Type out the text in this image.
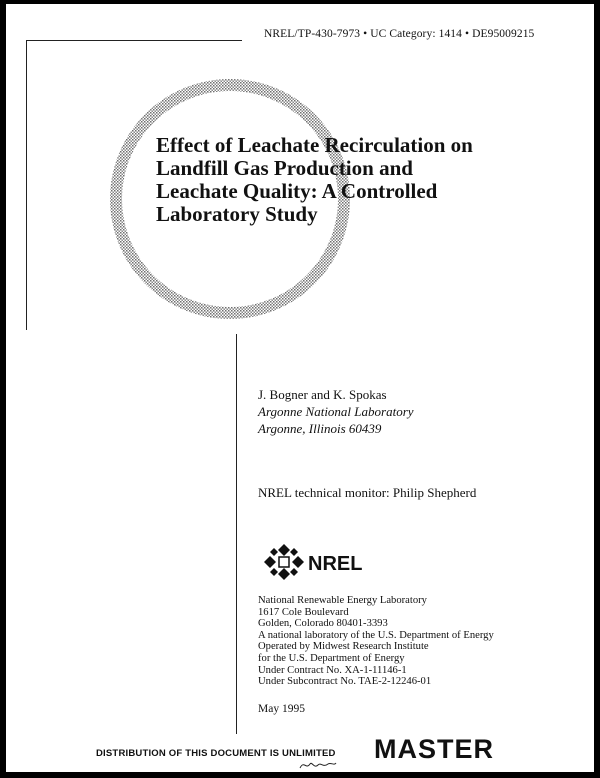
NREL/TP-430-7973 • UC Category: 1414 • DE95009215
Effect of Leachate Recirculation on
Landfill Gas Production and
Leachate Quality: A Controlled
Laboratory Study
J. Bogner and K. Spokas
Argonne National Laboratory
Argonne, Illinois 60439
NREL technical monitor: Philip Shepherd
NREL
National Renewable Energy Laboratory
1617 Cole Boulevard
Golden, Colorado 80401-3393
A national laboratory of the U.S. Department of Energy
Operated by Midwest Research Institute
for the U.S. Department of Energy
Under Contract No. XA-1-11146-1
Under Subcontract No. TAE-2-12246-01
May 1995
DISTRIBUTION OF THIS DOCUMENT IS UNLIMITED MASTER
